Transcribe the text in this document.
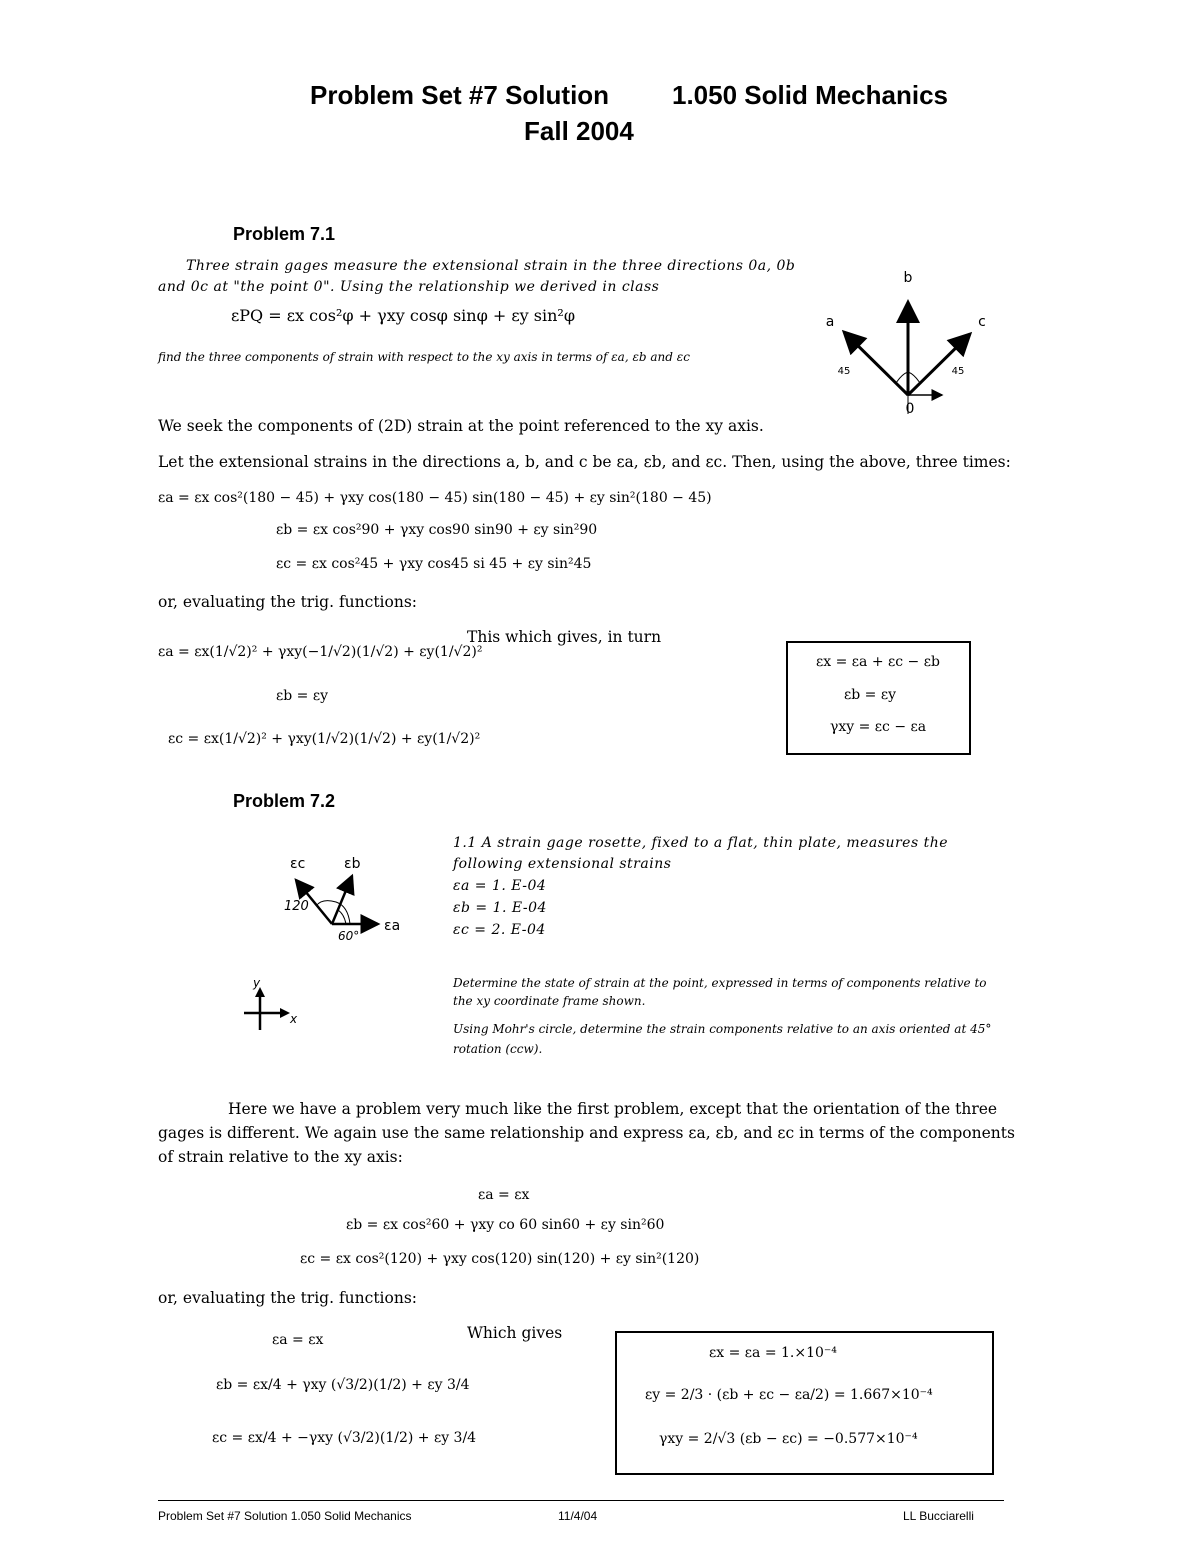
Problem Set #7 Solution 1.050 Solid Mechanics
Fall 2004
Problem 7.1
Three strain gages measure the extensional strain in the three directions 0a, 0b
and 0c at "the point 0". Using the relationship we derived in class
εPQ = εx cos²φ + γxy cosφ sinφ + εy sin²φ
find the three components of strain with respect to the xy axis in terms of εa, εb and εc
b
a	c
45	45
0
We seek the components of (2D) strain at the point referenced to the xy axis.
Let the extensional strains in the directions a, b, and c be εa, εb, and εc. Then, using the above, three times:
εa = εx cos²(180 − 45) + γxy cos(180 − 45) sin(180 − 45) + εy sin²(180 − 45)
εb = εx cos²90 + γxy cos90 sin90 + εy sin²90
εc = εx cos²45 + γxy cos45 si 45 + εy sin²45
or, evaluating the trig. functions:
εa = εx(1/√2)² + γxy(−1/√2)(1/√2) + εy(1/√2)²
This which gives, in turn
εb = εy
εc = εx(1/√2)² + γxy(1/√2)(1/√2) + εy(1/√2)²
εx = εa + εc − εb
εb = εy
γxy = εc − εa
Problem 7.2
εc	εb
εa
120
60°
y
x
1.1 A strain gage rosette, fixed to a flat, thin plate, measures the
following extensional strains
εa = 1. E-04
εb = 1. E-04
εc = 2. E-04
Determine the state of strain at the point, expressed in terms of components relative to
the xy coordinate frame shown.
Using Mohr's circle, determine the strain components relative to an axis oriented at 45°
rotation (ccw).
Here we have a problem very much like the first problem, except that the orientation of the three
gages is different. We again use the same relationship and express εa, εb, and εc in terms of the components
of strain relative to the xy axis:
εa = εx
εb = εx cos²60 + γxy co 60 sin60 + εy sin²60
εc = εx cos²(120) + γxy cos(120) sin(120) + εy sin²(120)
or, evaluating the trig. functions:
εa = εx	Which gives
εb = εx/4 + γxy (√3/2)(1/2) + εy 3/4
εc = εx/4 + −γxy (√3/2)(1/2) + εy 3/4
εx = εa = 1.×10⁻⁴
εy = 2/3 · (εb + εc − εa/2) = 1.667×10⁻⁴
γxy = 2/√3 (εb − εc) = −0.577×10⁻⁴
Problem Set #7 Solution 1.050 Solid Mechanics	11/4/04	LL Bucciarelli
